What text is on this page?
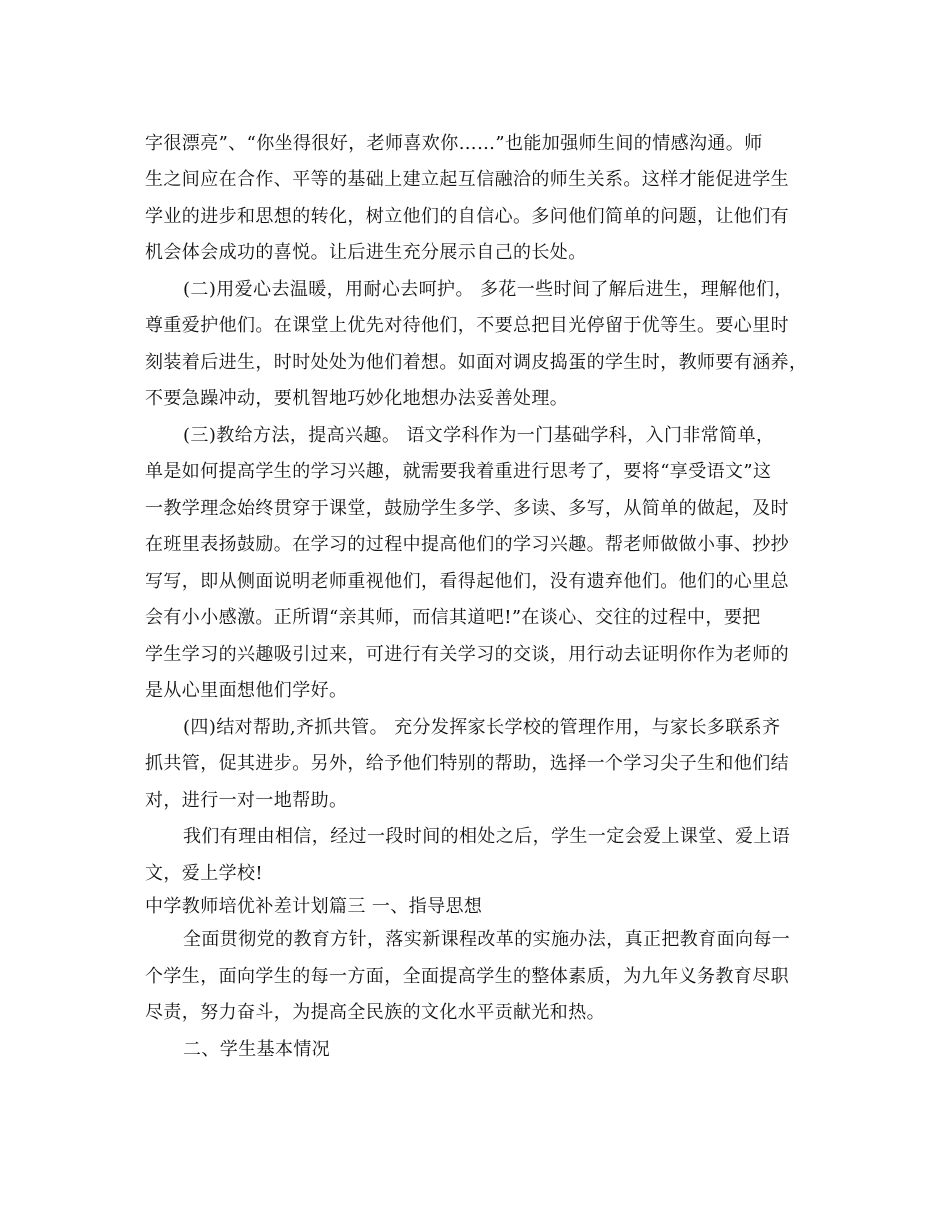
字很漂亮”、“你坐得很好，老师喜欢你……”也能加强师生间的情感沟通。师
生之间应在合作、平等的基础上建立起互信融洽的师生关系。这样才能促进学生
学业的进步和思想的转化，树立他们的自信心。多问他们简单的问题，让他们有
机会体会成功的喜悦。让后进生充分展示自己的长处。
(二)用爱心去温暖，用耐心去呵护。 多花一些时间了解后进生，理解他们，
尊重爱护他们。在课堂上优先对待他们，不要总把目光停留于优等生。要心里时
刻装着后进生，时时处处为他们着想。如面对调皮捣蛋的学生时，教师要有涵养，
不要急躁冲动，要机智地巧妙化地想办法妥善处理。
(三)教给方法，提高兴趣。 语文学科作为一门基础学科，入门非常简单，
单是如何提高学生的学习兴趣，就需要我着重进行思考了，要将“享受语文”这
一教学理念始终贯穿于课堂，鼓励学生多学、多读、多写，从简单的做起，及时
在班里表扬鼓励。在学习的过程中提高他们的学习兴趣。帮老师做做小事、抄抄
写写，即从侧面说明老师重视他们，看得起他们，没有遗弃他们。他们的心里总
会有小小感激。正所谓“亲其师，而信其道吧!”在谈心、交往的过程中，要把
学生学习的兴趣吸引过来，可进行有关学习的交谈，用行动去证明你作为老师的
是从心里面想他们学好。
(四)结对帮助,齐抓共管。 充分发挥家长学校的管理作用，与家长多联系齐
抓共管，促其进步。另外，给予他们特别的帮助，选择一个学习尖子生和他们结
对，进行一对一地帮助。
我们有理由相信，经过一段时间的相处之后，学生一定会爱上课堂、爱上语
文，爱上学校!
中学教师培优补差计划篇三 一、指导思想
全面贯彻党的教育方针，落实新课程改革的实施办法，真正把教育面向每一
个学生，面向学生的每一方面，全面提高学生的整体素质，为九年义务教育尽职
尽责，努力奋斗，为提高全民族的文化水平贡献光和热。
二、学生基本情况
